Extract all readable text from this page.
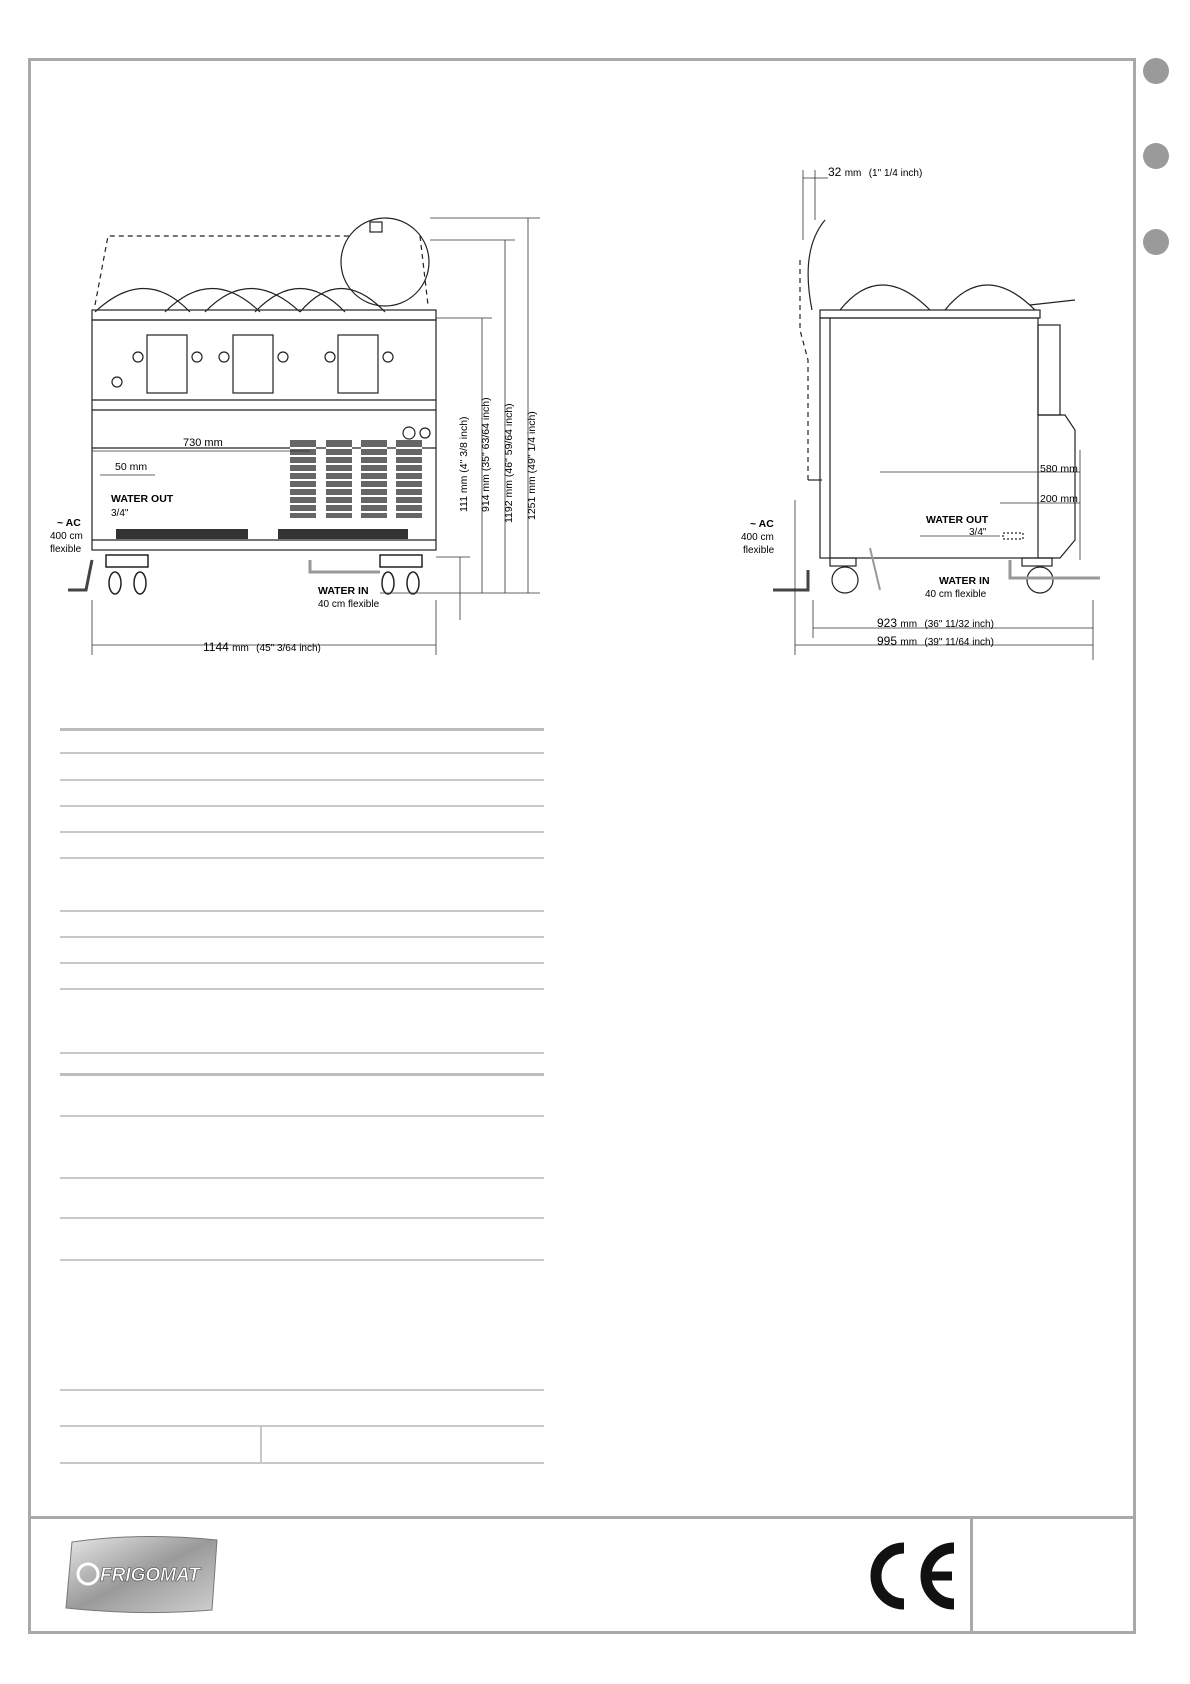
730 mm
50 mm
WATER OUT
3/4"
~ AC
400 cm
flexible
WATER IN
40 cm flexible
1144 mm (45" 3/64 inch)
111 mm (4" 3/8 inch) 914 mm (35" 63/64 inch) 1192 mm (46" 59/64 inch) 1251 mm (49" 1/4 inch)
32 mm (1" 1/4 inch)
580 mm
200 mm
WATER OUT
3/4"
~ AC
400 cm
flexible
WATER IN
40 cm flexible
923 mm (36" 11/32 inch)
995 mm (39" 11/64 inch)
FRIGOMAT
